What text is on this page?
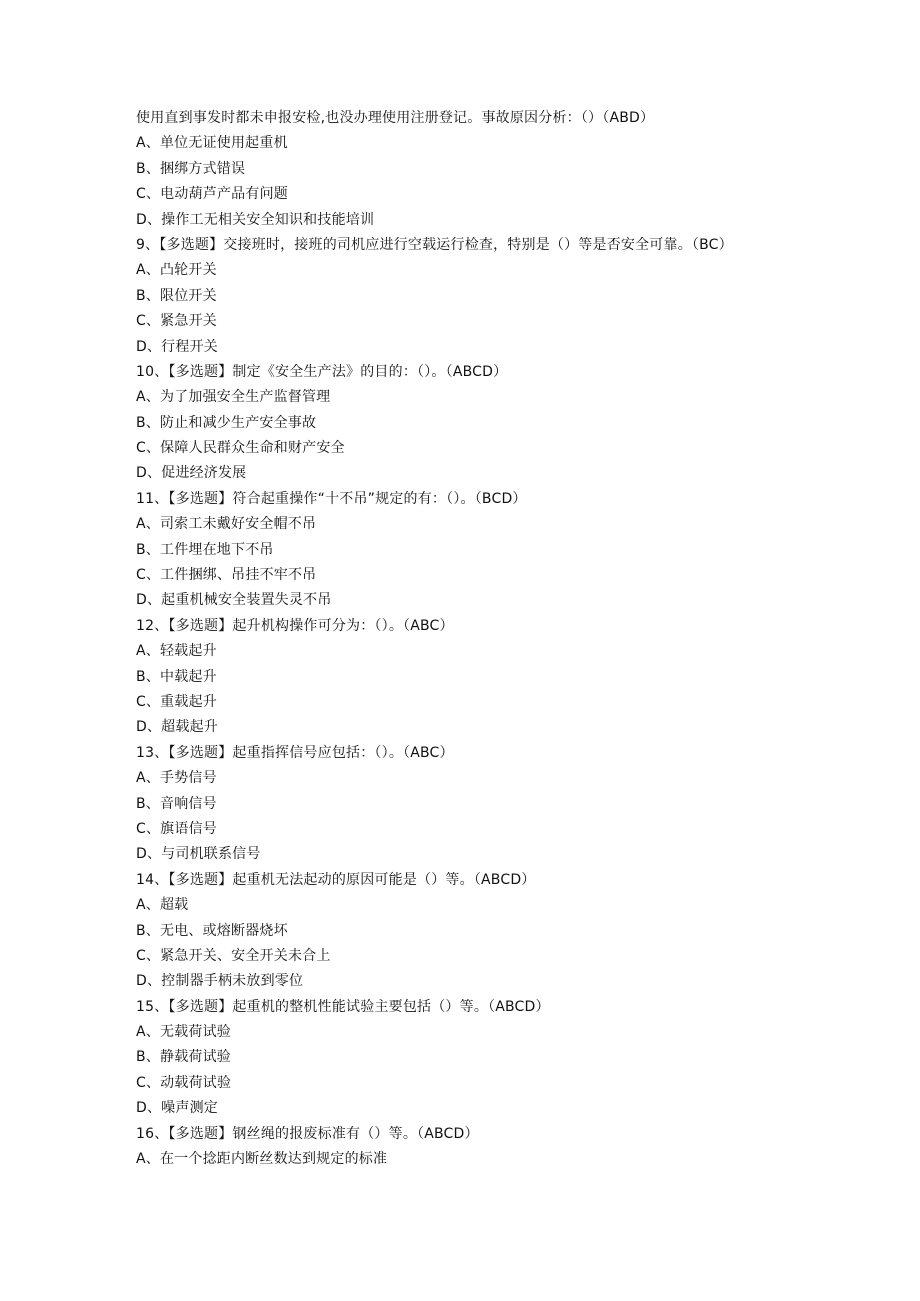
使用直到事发时都未申报安检,也没办理使用注册登记。事故原因分析：（）（ABD）
A、单位无证使用起重机
B、捆绑方式错误
C、电动葫芦产品有问题
D、操作工无相关安全知识和技能培训
9、【多选题】交接班时，接班的司机应进行空载运行检查，特别是（）等是否安全可靠。（BC）
A、凸轮开关
B、限位开关
C、紧急开关
D、行程开关
10、【多选题】制定《安全生产法》的目的：（）。（ABCD）
A、为了加强安全生产监督管理
B、防止和减少生产安全事故
C、保障人民群众生命和财产安全
D、促进经济发展
11、【多选题】符合起重操作“十不吊”规定的有：（）。（BCD）
A、司索工未戴好安全帽不吊
B、工件埋在地下不吊
C、工件捆绑、吊挂不牢不吊
D、起重机械安全装置失灵不吊
12、【多选题】起升机构操作可分为：（）。（ABC）
A、轻载起升
B、中载起升
C、重载起升
D、超载起升
13、【多选题】起重指挥信号应包括：（）。（ABC）
A、手势信号
B、音响信号
C、旗语信号
D、与司机联系信号
14、【多选题】起重机无法起动的原因可能是（）等。（ABCD）
A、超载
B、无电、或熔断器烧坏
C、紧急开关、安全开关未合上
D、控制器手柄未放到零位
15、【多选题】起重机的整机性能试验主要包括（）等。（ABCD）
A、无载荷试验
B、静载荷试验
C、动载荷试验
D、噪声测定
16、【多选题】钢丝绳的报废标准有（）等。（ABCD）
A、在一个捻距内断丝数达到规定的标准
